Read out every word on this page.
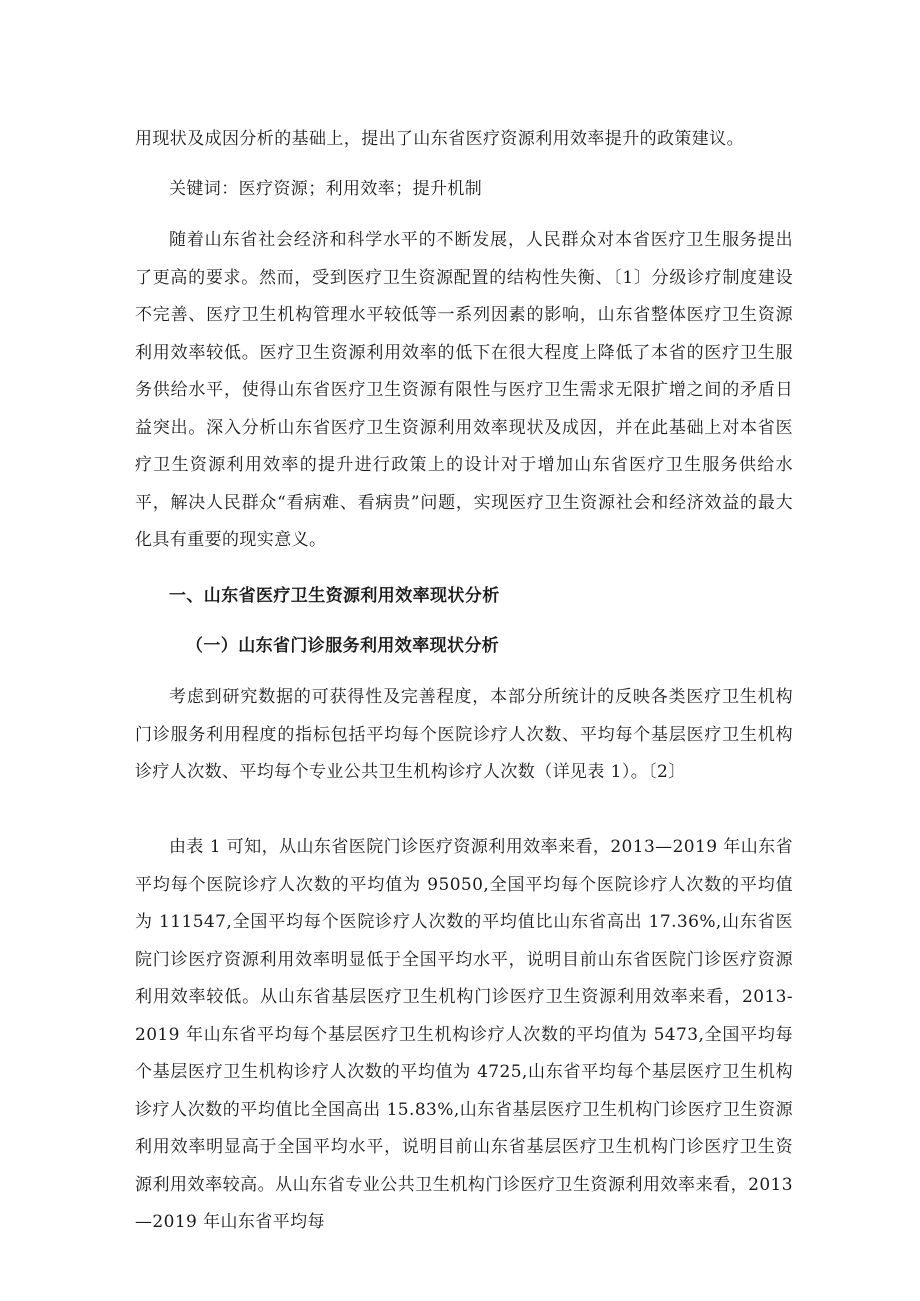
用现状及成因分析的基础上，提出了山东省医疗资源利用效率提升的政策建议。

关键词：医疗资源；利用效率；提升机制

随着山东省社会经济和科学水平的不断发展，人民群众对本省医疗卫生服务提出了更高的要求。然而，受到医疗卫生资源配置的结构性失衡、〔1〕分级诊疗制度建设不完善、医疗卫生机构管理水平较低等一系列因素的影响，山东省整体医疗卫生资源利用效率较低。医疗卫生资源利用效率的低下在很大程度上降低了本省的医疗卫生服务供给水平，使得山东省医疗卫生资源有限性与医疗卫生需求无限扩增之间的矛盾日益突出。深入分析山东省医疗卫生资源利用效率现状及成因，并在此基础上对本省医疗卫生资源利用效率的提升进行政策上的设计对于增加山东省医疗卫生服务供给水平，解决人民群众“看病难、看病贵”问题，实现医疗卫生资源社会和经济效益的最大化具有重要的现实意义。

一、山东省医疗卫生资源利用效率现状分析
（一）山东省门诊服务利用效率现状分析

考虑到研究数据的可获得性及完善程度，本部分所统计的反映各类医疗卫生机构门诊服务利用程度的指标包括平均每个医院诊疗人次数、平均每个基层医疗卫生机构诊疗人次数、平均每个专业公共卫生机构诊疗人次数（详见表 1）。〔2〕

由表 1 可知，从山东省医院门诊医疗资源利用效率来看，2013—2019 年山东省平均每个医院诊疗人次数的平均值为 95050,全国平均每个医院诊疗人次数的平均值为 111547,全国平均每个医院诊疗人次数的平均值比山东省高出 17.36%,山东省医院门诊医疗资源利用效率明显低于全国平均水平，说明目前山东省医院门诊医疗资源利用效率较低。从山东省基层医疗卫生机构门诊医疗卫生资源利用效率来看，2013-2019 年山东省平均每个基层医疗卫生机构诊疗人次数的平均值为 5473,全国平均每个基层医疗卫生机构诊疗人次数的平均值为 4725,山东省平均每个基层医疗卫生机构诊疗人次数的平均值比全国高出 15.83%,山东省基层医疗卫生机构门诊医疗卫生资源利用效率明显高于全国平均水平，说明目前山东省基层医疗卫生机构门诊医疗卫生资源利用效率较高。从山东省专业公共卫生机构门诊医疗卫生资源利用效率来看，2013—2019 年山东省平均每
